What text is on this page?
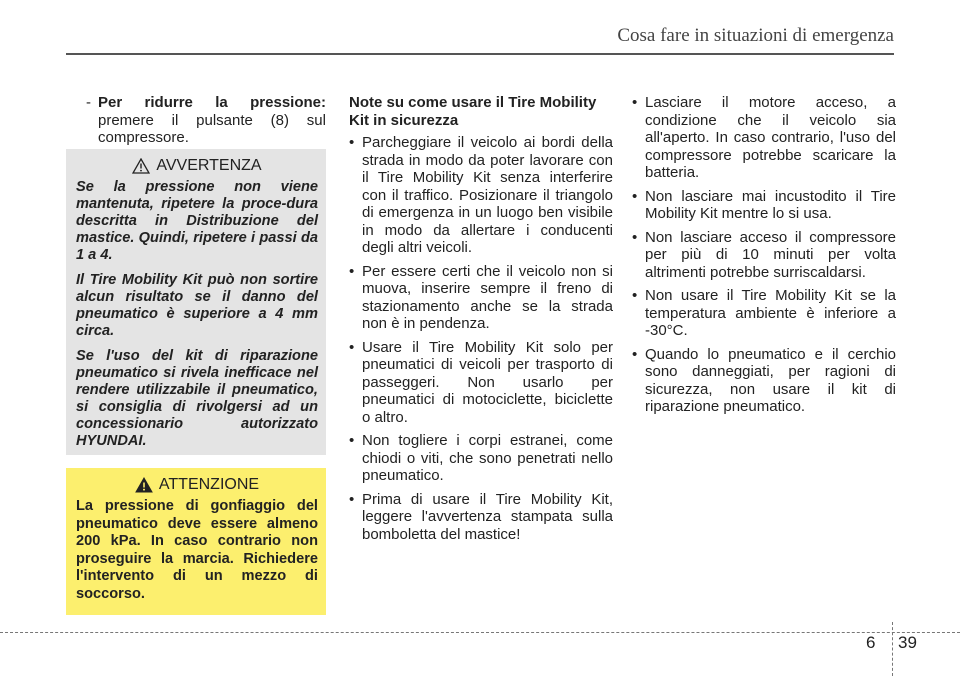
Cosa fare in situazioni di emergenza
- Per ridurre la pressione: premere il pulsante (8) sul compressore.
AVVERTENZA

Se la pressione non viene mantenuta, ripetere la proce-dura descritta in Distribuzione del mastice. Quindi, ripetere i passi da 1 a 4.

Il Tire Mobility Kit può non sortire alcun risultato se il danno del pneumatico è superiore a 4 mm circa.

Se l'uso del kit di riparazione pneumatico si rivela inefficace nel rendere utilizzabile il pneumatico, si consiglia di rivolgersi ad un concessionario autorizzato HYUNDAI.

ATTENZIONE

La pressione di gonfiaggio del pneumatico deve essere almeno 200 kPa. In caso contrario non proseguire la marcia. Richiedere l'intervento di un mezzo di soccorso.

Note su come usare il Tire Mobility Kit in sicurezza
• Parcheggiare il veicolo ai bordi della strada in modo da poter lavorare con il Tire Mobility Kit senza interferire con il traffico. Posizionare il triangolo di emergenza in un luogo ben visibile in modo da allertare i conducenti degli altri veicoli.
• Per essere certi che il veicolo non si muova, inserire sempre il freno di stazionamento anche se la strada non è in pendenza.
• Usare il Tire Mobility Kit solo per pneumatici di veicoli per trasporto di passeggeri. Non usarlo per pneumatici di motociclette, biciclette o altro.
• Non togliere i corpi estranei, come chiodi o viti, che sono penetrati nello pneumatico.
• Prima di usare il Tire Mobility Kit, leggere l'avvertenza stampata sulla bomboletta del mastice!
• Lasciare il motore acceso, a condizione che il veicolo sia all'aperto. In caso contrario, l'uso del compressore potrebbe scaricare la batteria.
• Non lasciare mai incustodito il Tire Mobility Kit mentre lo si usa.
• Non lasciare acceso il compressore per più di 10 minuti per volta altrimenti potrebbe surriscaldarsi.
• Non usare il Tire Mobility Kit se la temperatura ambiente è inferiore a -30°C.
• Quando lo pneumatico e il cerchio sono danneggiati, per ragioni di sicurezza, non usare il kit di riparazione pneumatico.
6 39
